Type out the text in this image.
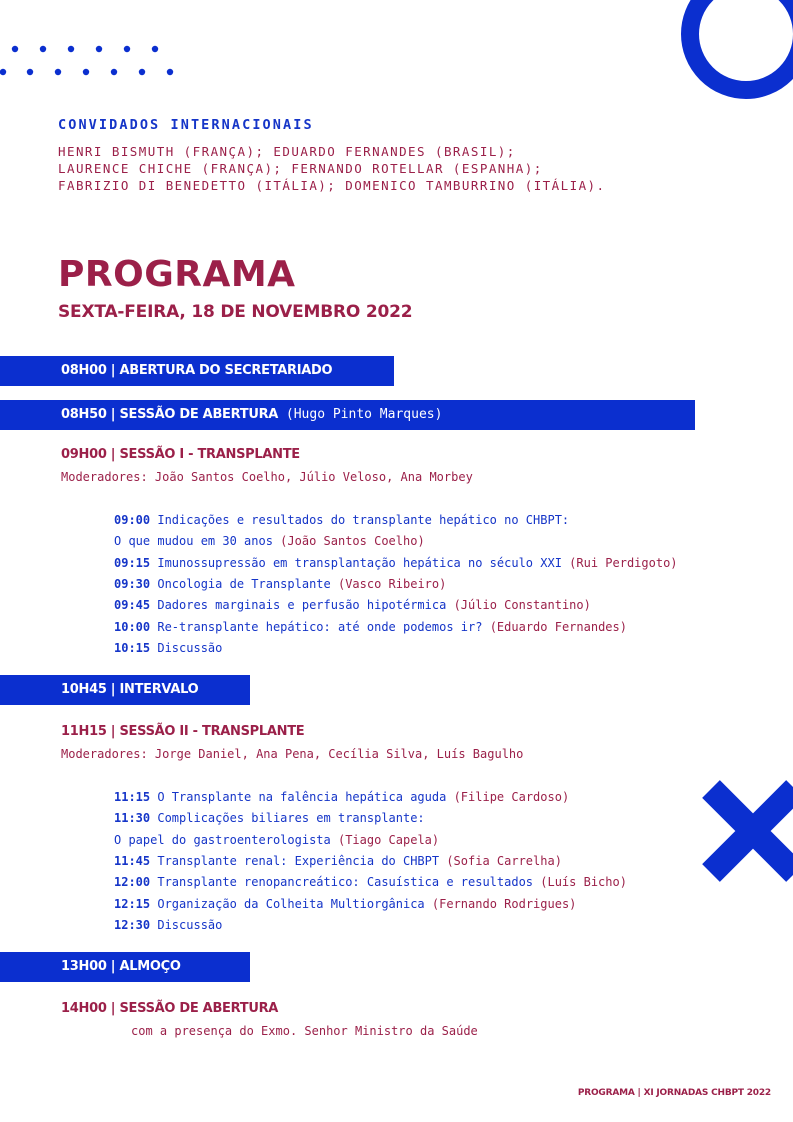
CONVIDADOS INTERNACIONAIS
HENRI BISMUTH (FRANÇA); EDUARDO FERNANDES (BRASIL);
LAURENCE CHICHE (FRANÇA); FERNANDO ROTELLAR (ESPANHA);
FABRIZIO DI BENEDETTO (ITÁLIA); DOMENICO TAMBURRINO (ITÁLIA).
PROGRAMA
SEXTA-FEIRA, 18 DE NOVEMBRO 2022
08H00 | ABERTURA DO SECRETARIADO
08H50 | SESSÃO DE ABERTURA (Hugo Pinto Marques)
09H00 | SESSÃO I - TRANSPLANTE
Moderadores: João Santos Coelho, Júlio Veloso, Ana Morbey
09:00 Indicações e resultados do transplante hepático no CHBPT:
O que mudou em 30 anos (João Santos Coelho)
09:15 Imunossupressão em transplantação hepática no século XXI (Rui Perdigoto)
09:30 Oncologia de Transplante (Vasco Ribeiro)
09:45 Dadores marginais e perfusão hipotérmica (Júlio Constantino)
10:00 Re-transplante hepático: até onde podemos ir? (Eduardo Fernandes)
10:15 Discussão
10H45 | INTERVALO
11H15 | SESSÃO II - TRANSPLANTE
Moderadores: Jorge Daniel, Ana Pena, Cecília Silva, Luís Bagulho
11:15 O Transplante na falência hepática aguda (Filipe Cardoso)
11:30 Complicações biliares em transplante:
O papel do gastroenterologista (Tiago Capela)
11:45 Transplante renal: Experiência do CHBPT (Sofia Carrelha)
12:00 Transplante renopancreático: Casuística e resultados (Luís Bicho)
12:15 Organização da Colheita Multiorgânica (Fernando Rodrigues)
12:30 Discussão
13H00 | ALMOÇO
14H00 | SESSÃO DE ABERTURA
com a presença do Exmo. Senhor Ministro da Saúde
PROGRAMA | XI JORNADAS CHBPT 2022
